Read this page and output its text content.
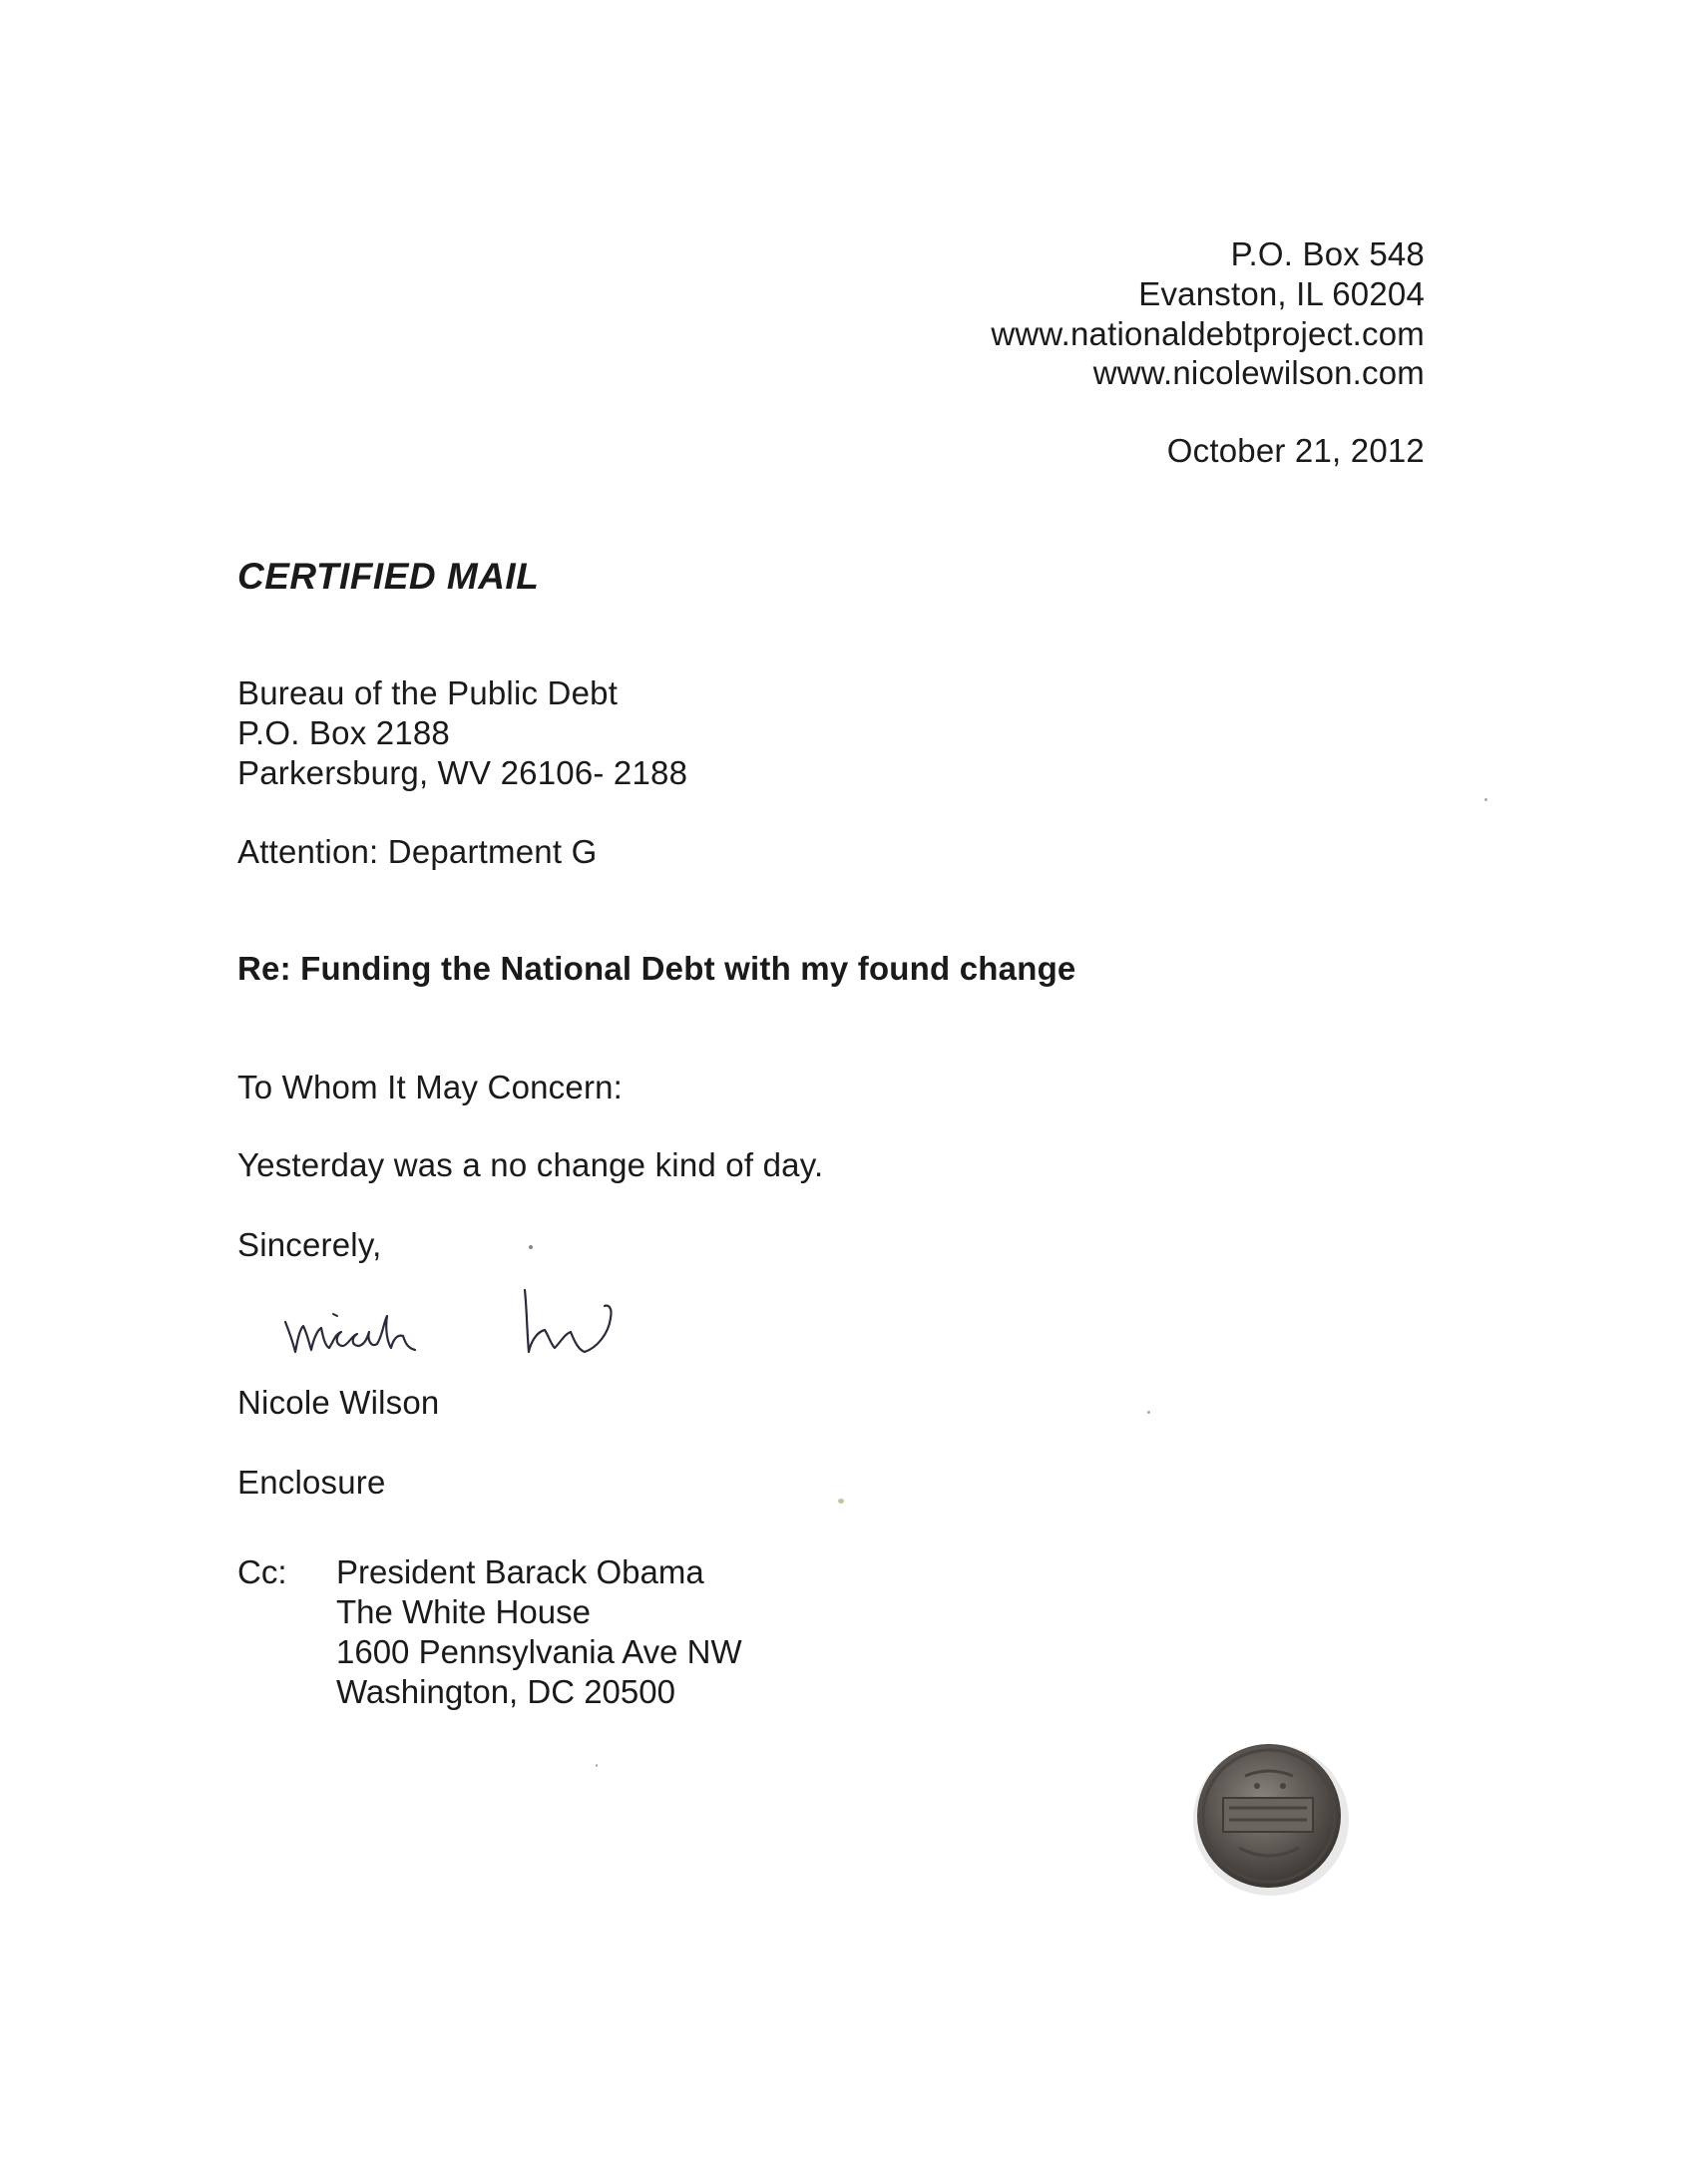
P.O. Box 548
Evanston, IL 60204
www.nationaldebtproject.com
www.nicolewilson.com
October 21, 2012
CERTIFIED MAIL
Bureau of the Public Debt
P.O. Box 2188
Parkersburg, WV 26106- 2188
Attention: Department G
Re: Funding the National Debt with my found change
To Whom It May Concern:
Yesterday was a no change kind of day.
Sincerely,
Nicole Wilson
Enclosure
Cc: President Barack Obama
The White House
1600 Pennsylvania Ave NW
Washington, DC 20500
